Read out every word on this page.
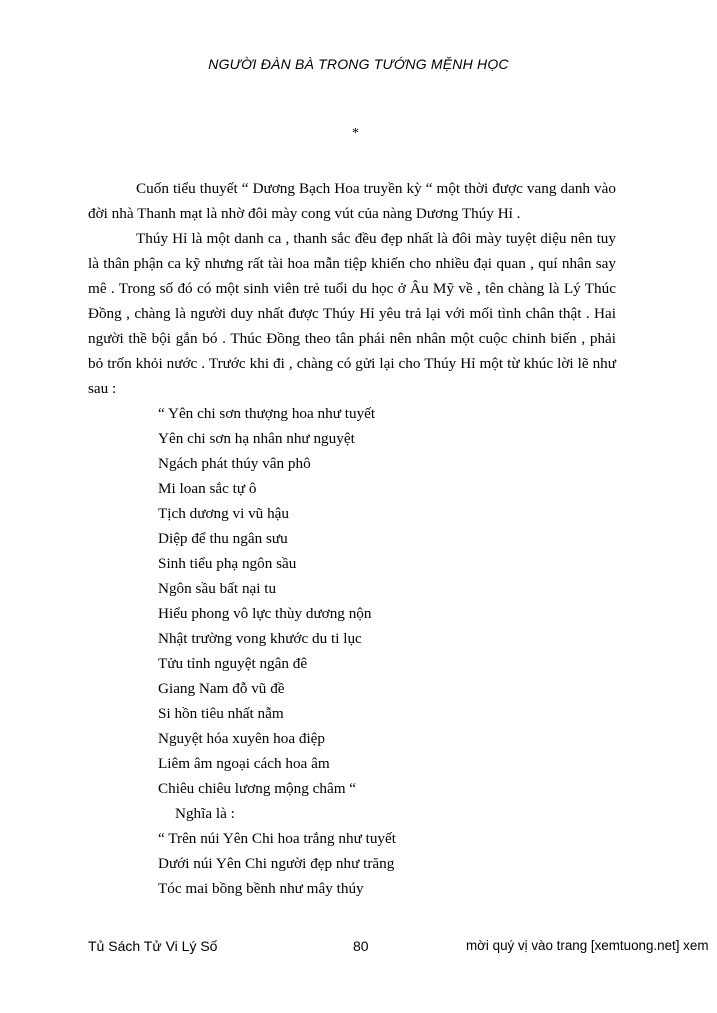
NGƯỜI ĐÀN BÀ TRONG TƯỚNG MỆNH HỌC
*

Cuốn tiểu thuyết “ Dương Bạch Hoa truyền kỳ “ một thời được vang danh vào đời nhà Thanh mạt là nhờ đôi mày cong vút của nàng Dương Thúy Hỉ .

Thúy Hỉ là một danh ca , thanh sắc đều đẹp nhất là đôi mày tuyệt diệu nên tuy là thân phận ca kỹ nhưng rất tài hoa mẫn tiệp khiến cho nhiều đại quan , quí nhân say mê . Trong số đó có một sinh viên trẻ tuổi du học ở Âu Mỹ về , tên chàng là Lý Thúc Đồng , chàng là người duy nhất được Thúy Hỉ yêu trả lại với mối tình chân thật . Hai người thề bội gắn bó . Thúc Đồng theo tân phái nên nhân một cuộc chinh biến , phải bỏ trốn khỏi nước . Trước khi đi , chàng có gửi lại cho Thúy Hỉ một từ khúc lời lẽ như sau :

“ Yên chi sơn thượng hoa như tuyết
Yên chi sơn hạ nhân như nguyệt
Ngách phát thúy vân phô
Mi loan sắc tự ô
Tịch dương vi vũ hậu
Diệp để thu ngân sưu
Sinh tiểu phạ ngôn sầu
Ngôn sầu bất nại tu
Hiểu phong vô lực thùy dương nộn
Nhật trường vong khước du ti lục
Tửu tỉnh nguyệt ngân đê
Giang Nam đỗ vũ đề
Si hồn tiêu nhất nẫm
Nguyệt hóa xuyên hoa điệp
Liêm âm ngoại cách hoa âm
Chiêu chiêu lương mộng châm “
Nghĩa là :
“ Trên núi Yên Chi hoa trắng như tuyết
Dưới núi Yên Chi người đẹp như trăng
Tóc mai bồng bềnh như mây thúy
Tủ Sách Tử Vi Lý Số	80	mời quý vị vào trang [xemtuong.net] xem
